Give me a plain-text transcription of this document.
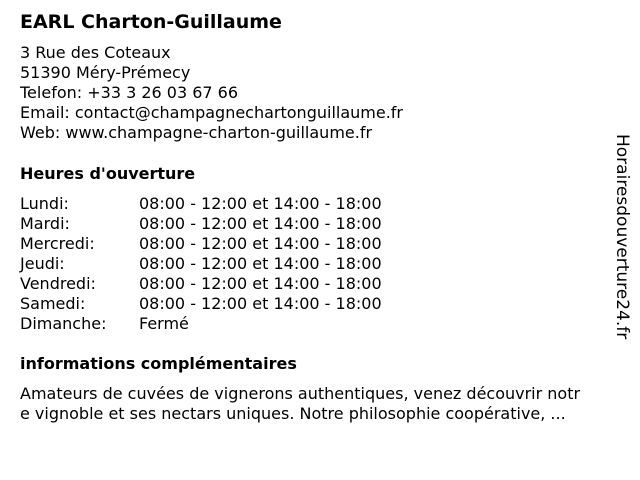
EARL Charton-Guillaume
3 Rue des Coteaux
51390 Méry-Prémecy
Telefon: +33 3 26 03 67 66
Email: contact@champagnechartonguillaume.fr
Web: www.champagne-charton-guillaume.fr
Heures d'ouverture
Lundi:	08:00 - 12:00 et 14:00 - 18:00
Mardi:	08:00 - 12:00 et 14:00 - 18:00
Mercredi:	08:00 - 12:00 et 14:00 - 18:00
Jeudi:	08:00 - 12:00 et 14:00 - 18:00
Vendredi:	08:00 - 12:00 et 14:00 - 18:00
Samedi:	08:00 - 12:00 et 14:00 - 18:00
Dimanche: Fermé
informations complémentaires
Amateurs de cuvées de vignerons authentiques, venez découvrir notr
e vignoble et ses nectars uniques. Notre philosophie coopérative, ...
Horairesdouverture24.fr
